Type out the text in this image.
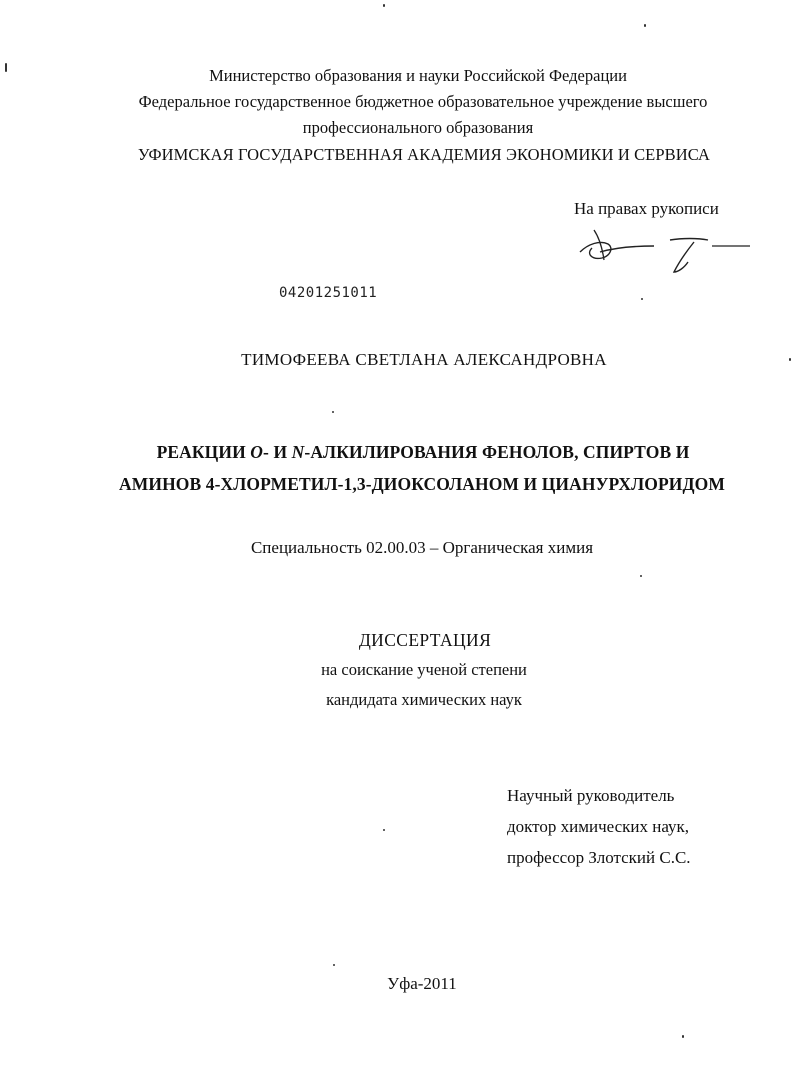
Министерство образования и науки Российской Федерации
Федеральное государственное бюджетное образовательное учреждение высшего
профессионального образования
УФИМСКАЯ ГОСУДАРСТВЕННАЯ АКАДЕМИЯ ЭКОНОМИКИ И СЕРВИСА
На правах рукописи
04201251011
ТИМОФЕЕВА СВЕТЛАНА АЛЕКСАНДРОВНА
РЕАКЦИИ O- И N-АЛКИЛИРОВАНИЯ ФЕНОЛОВ, СПИРТОВ И
АМИНОВ 4-ХЛОРМЕТИЛ-1,3-ДИОКСОЛАНОМ И ЦИАНУРХЛОРИДОМ
Специальность 02.00.03 – Органическая химия
ДИССЕРТАЦИЯ
на соискание ученой степени
кандидата химических наук
Научный руководитель
доктор химических наук,
профессор Злотский С.С.
Уфа-2011
